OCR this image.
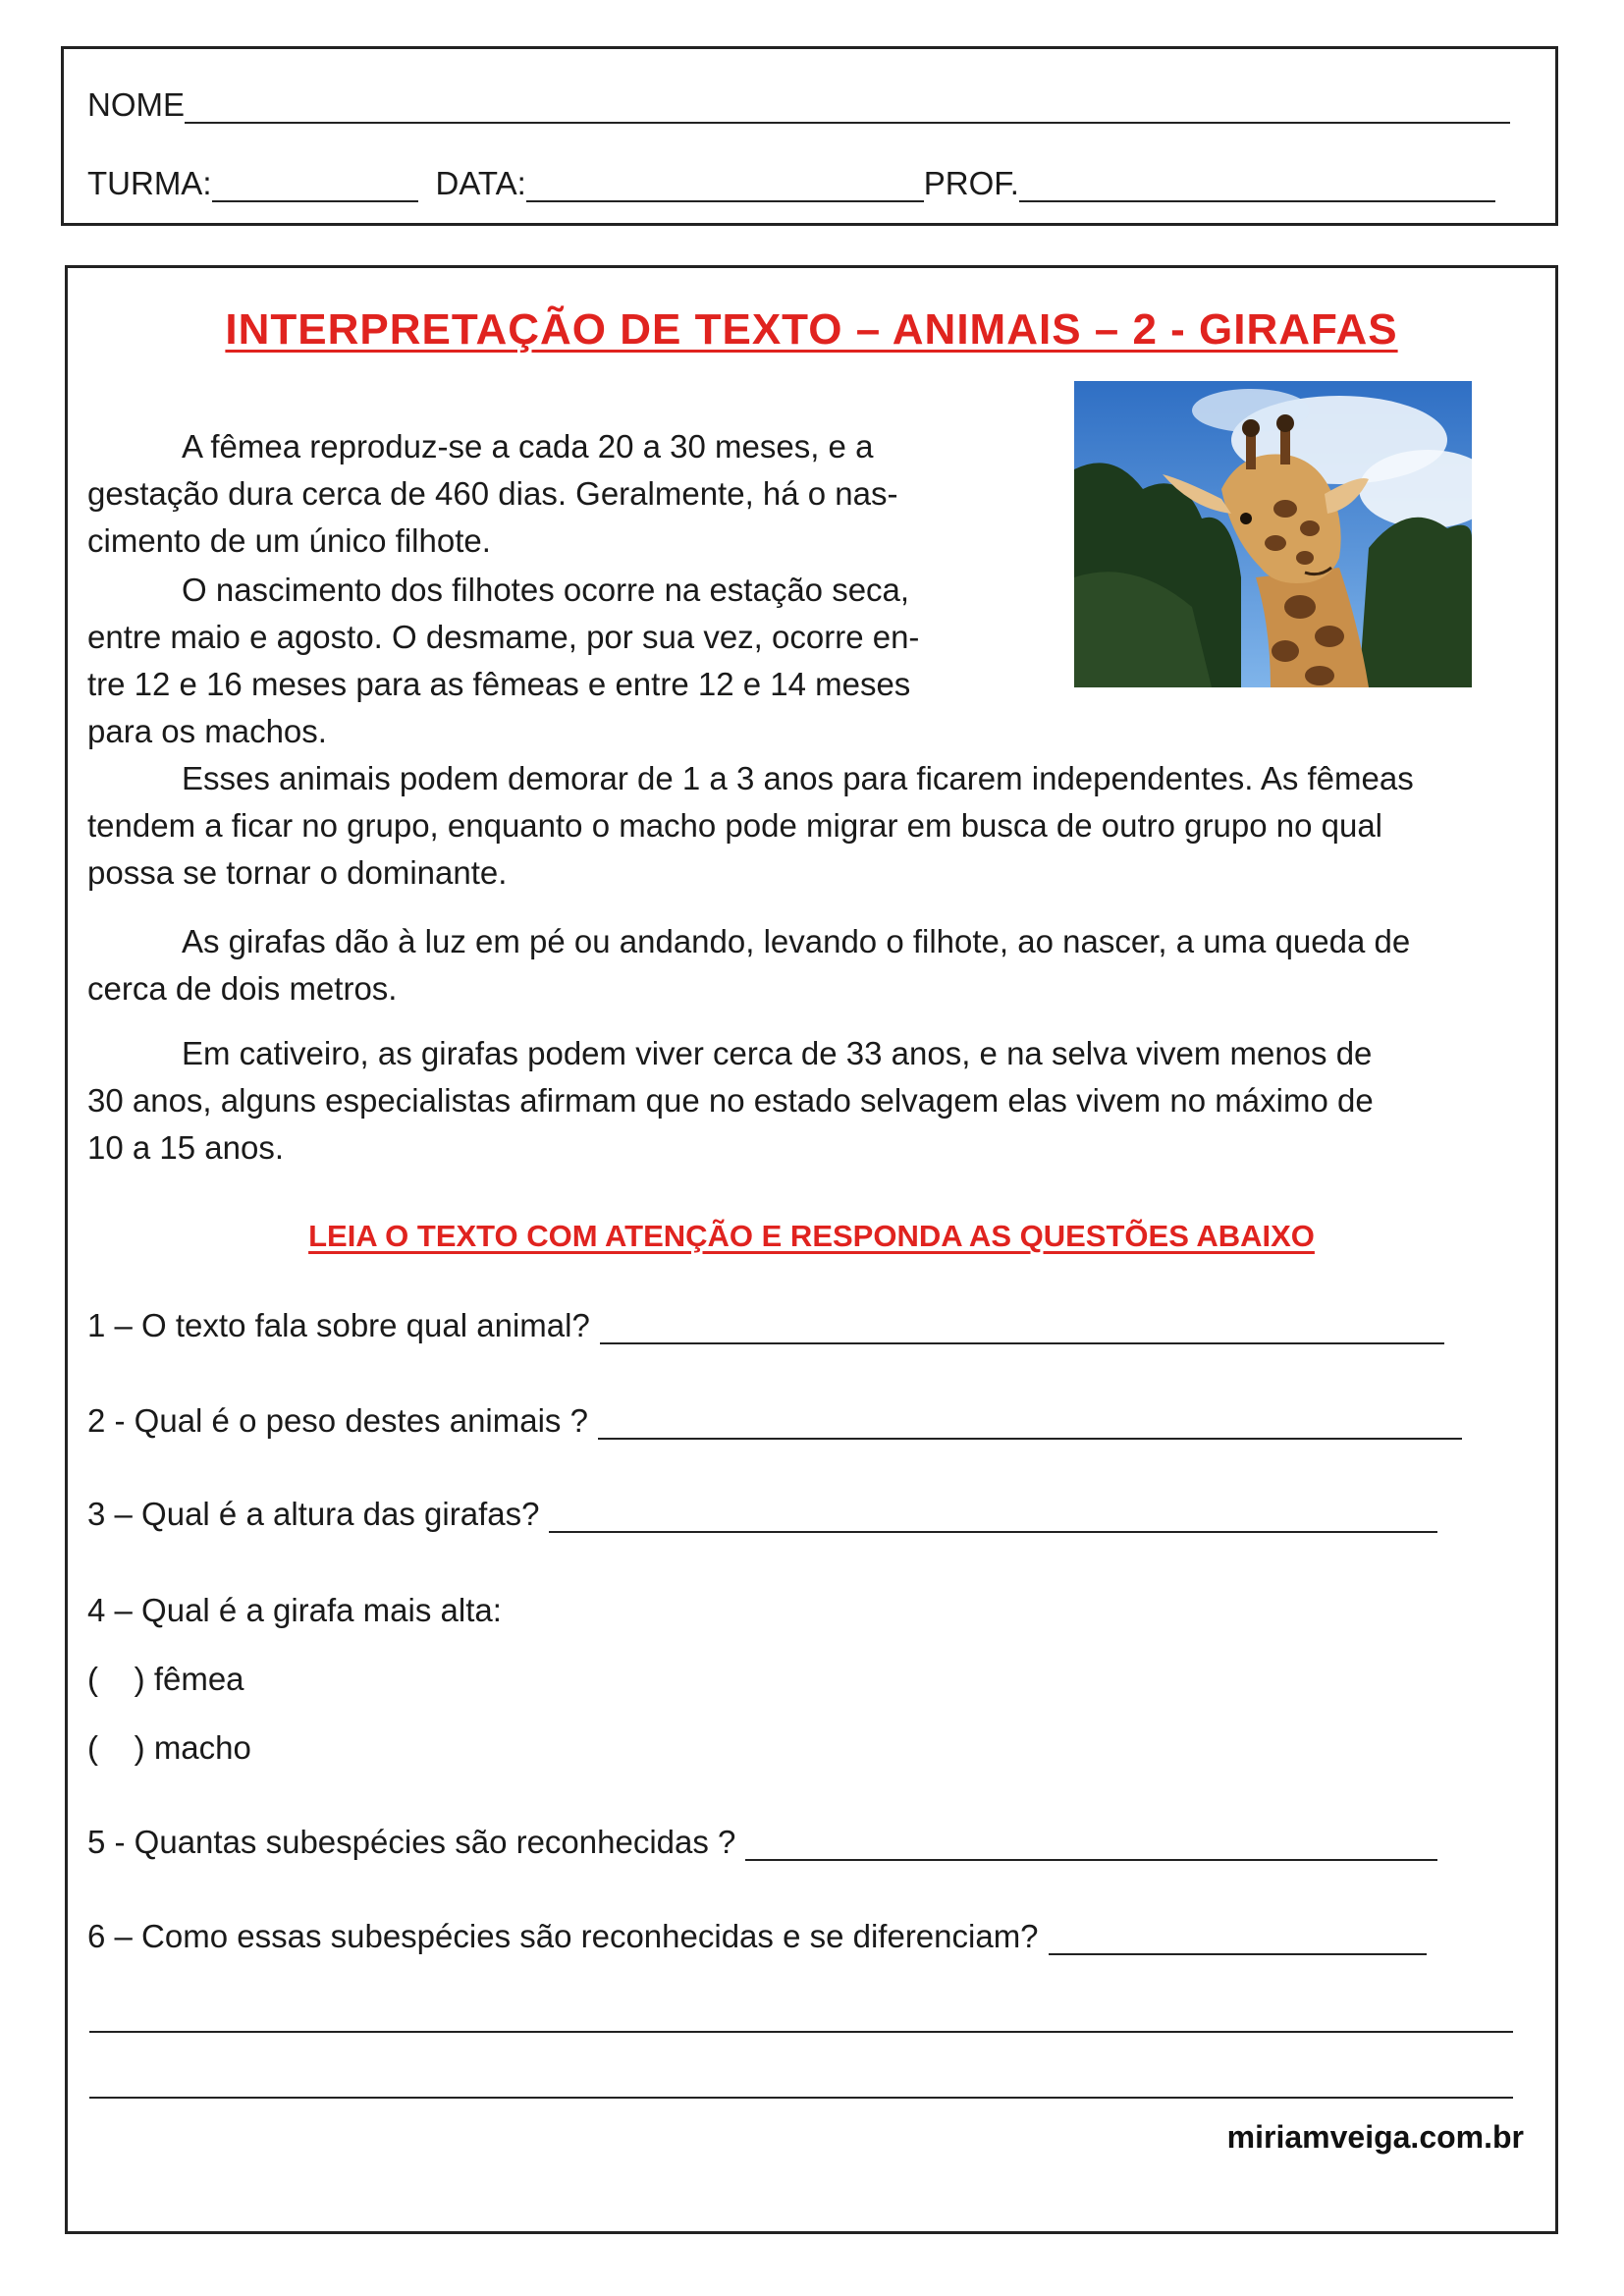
NOME
TURMA:	DATA:	PROF.
INTERPRETAÇÃO DE TEXTO – ANIMAIS – 2 - GIRAFAS
A fêmea reproduz-se a cada 20 a 30 meses, e a
gestação dura cerca de 460 dias. Geralmente, há o nas-
cimento de um único filhote.
O nascimento dos filhotes ocorre na estação seca,
entre maio e agosto. O desmame, por sua vez, ocorre en-
tre 12 e 16 meses para as fêmeas e entre 12 e 14 meses
para os machos.
Esses animais podem demorar de 1 a 3 anos para ficarem independentes. As fêmeas
tendem a ficar no grupo, enquanto o macho pode migrar em busca de outro grupo no qual
possa se tornar o dominante.
As girafas dão à luz em pé ou andando, levando o filhote, ao nascer, a uma queda de
cerca de dois metros.
Em cativeiro, as girafas podem viver cerca de 33 anos, e na selva vivem menos de
30 anos, alguns especialistas afirmam que no estado selvagem elas vivem no máximo de
10 a 15 anos.
LEIA O TEXTO COM ATENÇÃO E RESPONDA AS QUESTÕES ABAIXO
1 – O texto fala sobre qual animal?
2 - Qual é o peso destes animais ?
3 – Qual é a altura das girafas?
4 – Qual é a girafa mais alta:
(    ) fêmea
(    ) macho
5 - Quantas subespécies são reconhecidas ?
6 – Como essas subespécies são reconhecidas e se diferenciam?
miriamveiga.com.br
